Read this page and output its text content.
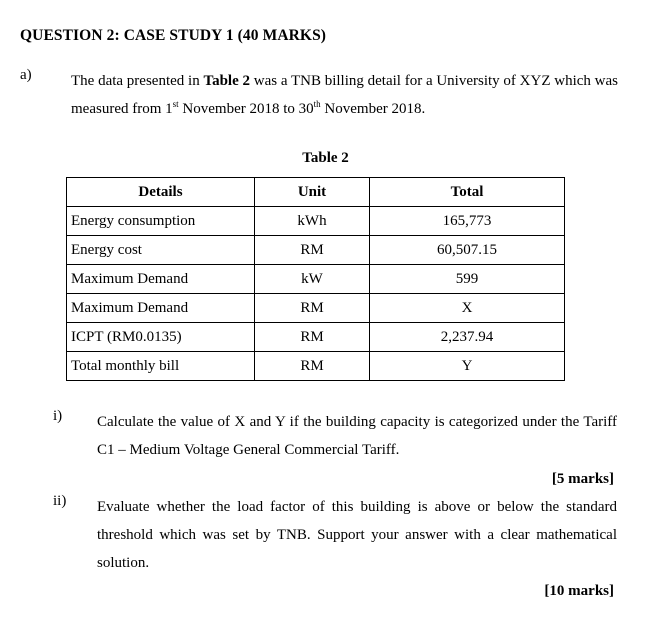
QUESTION 2: CASE STUDY 1 (40 MARKS)
a)	The data presented in Table 2 was a TNB billing detail for a University of XYZ which was measured from 1st November 2018 to 30th November 2018.
Table 2
Details	Unit	Total
Energy consumption	kWh	165,773
Energy cost	RM	60,507.15
Maximum Demand	kW	599
Maximum Demand	RM	X
ICPT (RM0.0135)	RM	2,237.94
Total monthly bill	RM	Y
i) Calculate the value of X and Y if the building capacity is categorized under the Tariff C1 – Medium Voltage General Commercial Tariff.
[5 marks]
ii) Evaluate whether the load factor of this building is above or below the standard threshold which was set by TNB. Support your answer with a clear mathematical solution.
[10 marks]
